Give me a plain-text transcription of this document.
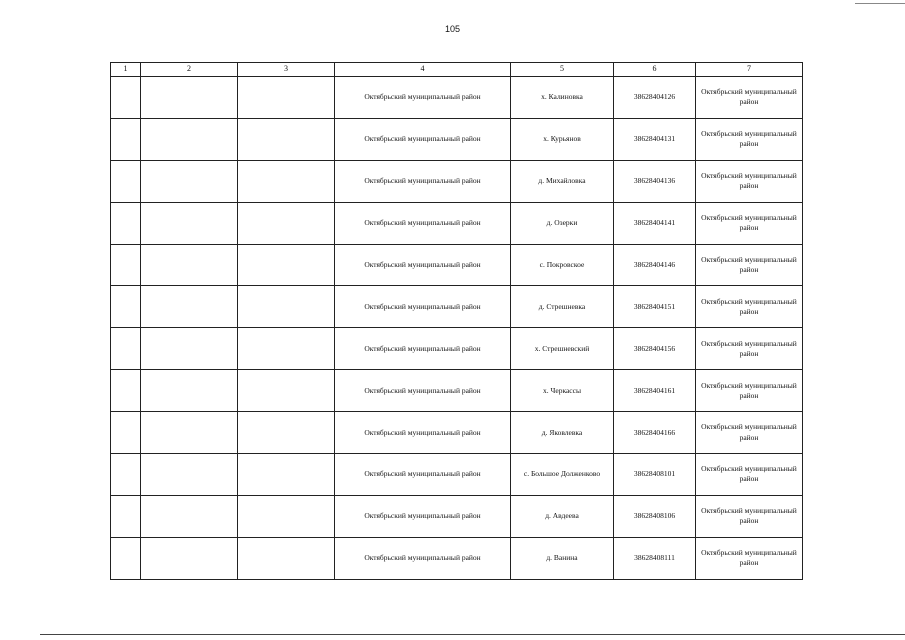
105
1	2	3	4	5	6	7
			Октябрьский муниципальный район	х. Калиновка	38628404126	Октябрьский муниципальный район
			Октябрьский муниципальный район	х. Курьянов	38628404131	Октябрьский муниципальный район
			Октябрьский муниципальный район	д. Михайловка	38628404136	Октябрьский муниципальный район
			Октябрьский муниципальный район	д. Озерки	38628404141	Октябрьский муниципальный район
			Октябрьский муниципальный район	с. Покровское	38628404146	Октябрьский муниципальный район
			Октябрьский муниципальный район	д. Стрешневка	38628404151	Октябрьский муниципальный район
			Октябрьский муниципальный район	х. Стрешневский	38628404156	Октябрьский муниципальный район
			Октябрьский муниципальный район	х. Черкассы	38628404161	Октябрьский муниципальный район
			Октябрьский муниципальный район	д. Яковлевка	38628404166	Октябрьский муниципальный район
			Октябрьский муниципальный район	с. Большое Долженково	38628408101	Октябрьский муниципальный район
			Октябрьский муниципальный район	д. Авдеева	38628408106	Октябрьский муниципальный район
			Октябрьский муниципальный район	д. Ванина	38628408111	Октябрьский муниципальный район
